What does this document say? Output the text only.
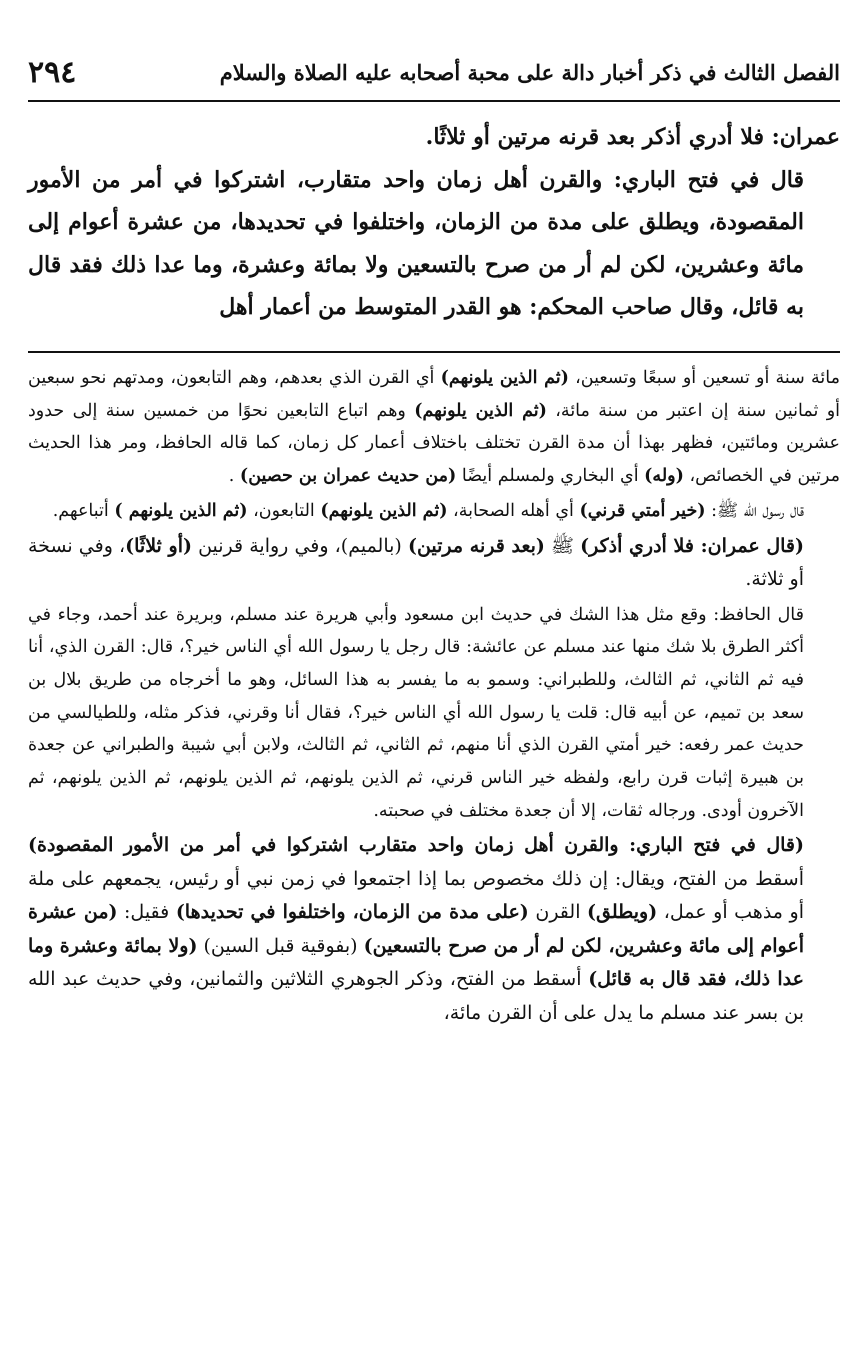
الفصل الثالث في ذكر أخبار دالة على محبة أصحابه عليه الصلاة والسلام
٢٩٤

عمران: فلا أدري أذكر بعد قرنه مرتين أو ثلاثًا.

قال في فتح الباري: والقرن أهل زمان واحد متقارب، اشتركوا في أمر من الأمور المقصودة، ويطلق على مدة من الزمان، واختلفوا في تحديدها، من عشرة أعوام إلى مائة وعشرين، لكن لم أر من صرح بالتسعين ولا بمائة وعشرة، وما عدا ذلك فقد قال به قائل، وقال صاحب المحكم: هو القدر المتوسط من أعمار أهل

مائة سنة أو تسعين أو سبعًا وتسعين، (ثم الذين يلونهم) أي القرن الذي بعدهم، وهم التابعون، ومدتهم نحو سبعين أو ثمانين سنة إن اعتبر من سنة مائة، (ثم الذين يلونهم) وهم اتباع التابعين نحوًا من خمسين سنة إلى حدود عشرين ومائتين، فظهر بهذا أن مدة القرن تختلف باختلاف أعمار كل زمان، كما قاله الحافظ، ومر هذا الحديث مرتين في الخصائص، (وله) أي البخاري ولمسلم أيضًا (من حديث عمران بن حصين) .

قال رسول الله ﷺ: (خير أمتي قرني) أي أهله الصحابة، (ثم الذين يلونهم) التابعون، (ثم الذين يلونهم ) أتباعهم.

(قال عمران: فلا أدري أذكر) ﷺ (بعد قرنه مرتين) (بالميم)، وفي رواية قرنين (أو ثلاثًا)، وفي نسخة أو ثلاثة.

قال الحافظ: وقع مثل هذا الشك في حديث ابن مسعود وأبي هريرة عند مسلم، وبريرة عند أحمد، وجاء في أكثر الطرق بلا شك منها عند مسلم عن عائشة: قال رجل يا رسول الله أي الناس خير؟، قال: القرن الذي، أنا فيه ثم الثاني، ثم الثالث، وللطبراني: وسمو به ما يفسر به هذا السائل، وهو ما أخرجاه من طريق بلال بن سعد بن تميم، عن أبيه قال: قلت يا رسول الله أي الناس خير؟، فقال أنا وقرني، فذكر مثله، وللطيالسي من حديث عمر رفعه: خير أمتي القرن الذي أنا منهم، ثم الثاني، ثم الثالث، ولابن أبي شيبة والطبراني عن جعدة بن هبيرة إثبات قرن رابع، ولفظه خير الناس قرني، ثم الذين يلونهم، ثم الذين يلونهم، ثم الذين يلونهم، ثم الآخرون أودى. ورجاله ثقات، إلا أن جعدة مختلف في صحبته.

(قال في فتح الباري: والقرن أهل زمان واحد متقارب اشتركوا في أمر من الأمور المقصودة) أسقط من الفتح، ويقال: إن ذلك مخصوص بما إذا اجتمعوا في زمن نبي أو رئيس، يجمعهم على ملة أو مذهب أو عمل، (ويطلق) القرن (على مدة من الزمان، واختلفوا في تحديدها) فقيل: (من عشرة أعوام إلى مائة وعشرين، لكن لم أر من صرح بالتسعين) (بفوقية قبل السين) (ولا بمائة وعشرة وما عدا ذلك، فقد قال به قائل) أسقط من الفتح، وذكر الجوهري الثلاثين والثمانين، وفي حديث عبد الله بن بسر عند مسلم ما يدل على أن القرن مائة،
